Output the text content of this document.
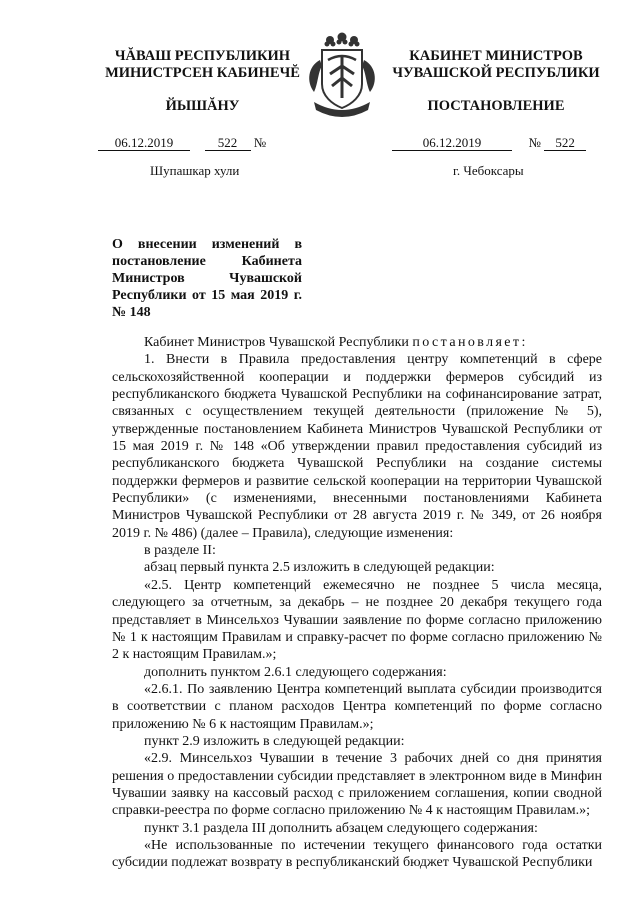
ЧĂВАШ РЕСПУБЛИКИН
МИНИСТРСЕН КАБИНЕЧĔ
ЙЫШĂНУ
КАБИНЕТ МИНИСТРОВ
ЧУВАШСКОЙ РЕСПУБЛИКИ
ПОСТАНОВЛЕНИЕ
06.12.2019	522 №	06.12.2019	№ 522
Шупашкар хули	г. Чебоксары
О внесении изменений в постановление Кабинета Министров Чувашской Республики от 15 мая 2019 г. № 148

Кабинет Министров Чувашской Республики постановляет:

1. Внести в Правила предоставления центру компетенций в сфере сельскохозяйственной кооперации и поддержки фермеров субсидий из республиканского бюджета Чувашской Республики на софинансирование затрат, связанных с осуществлением текущей деятельности (приложение № 5), утвержденные постановлением Кабинета Министров Чувашской Республики от 15 мая 2019 г. № 148 «Об утверждении правил предоставления субсидий из республиканского бюджета Чувашской Республики на создание системы поддержки фермеров и развитие сельской кооперации на территории Чувашской Республики» (с изменениями, внесенными постановлениями Кабинета Министров Чувашской Республики от 28 августа 2019 г. № 349, от 26 ноября 2019 г. № 486) (далее – Правила), следующие изменения:

в разделе II:

абзац первый пункта 2.5 изложить в следующей редакции:

«2.5. Центр компетенций ежемесячно не позднее 5 числа месяца, следующего за отчетным, за декабрь – не позднее 20 декабря текущего года представляет в Минсельхоз Чувашии заявление по форме согласно приложению № 1 к настоящим Правилам и справку-расчет по форме согласно приложению № 2 к настоящим Правилам.»;

дополнить пунктом 2.6.1 следующего содержания:

«2.6.1. По заявлению Центра компетенций выплата субсидии производится в соответствии с планом расходов Центра компетенций по форме согласно приложению № 6 к настоящим Правилам.»;

пункт 2.9 изложить в следующей редакции:

«2.9. Минсельхоз Чувашии в течение 3 рабочих дней со дня принятия решения о предоставлении субсидии представляет в электронном виде в Минфин Чувашии заявку на кассовый расход с приложением соглашения, копии сводной справки-реестра по форме согласно приложению № 4 к настоящим Правилам.»;

пункт 3.1 раздела III дополнить абзацем следующего содержания:

«Не использованные по истечении текущего финансового года остатки субсидии подлежат возврату в республиканский бюджет Чувашской Республики
